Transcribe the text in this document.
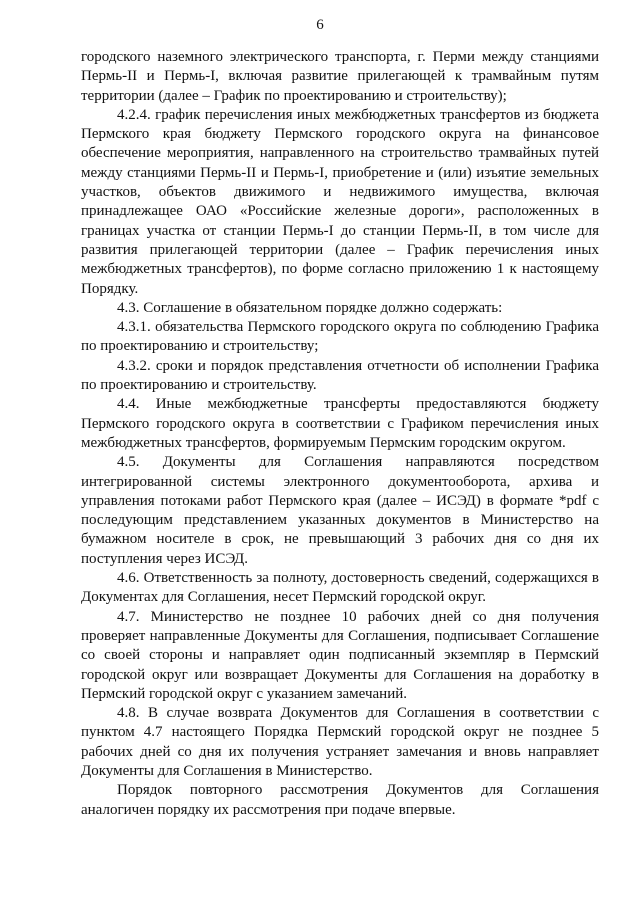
6

городского наземного электрического транспорта, г. Перми между станциями Пермь-II и Пермь-I, включая развитие прилегающей к трамвайным путям территории (далее – График по проектированию и строительству);

4.2.4. график перечисления иных межбюджетных трансфертов из бюджета Пермского края бюджету Пермского городского округа на финансовое обеспечение мероприятия, направленного на строительство трамвайных путей между станциями Пермь-II и Пермь-I, приобретение и (или) изъятие земельных участков, объектов движимого и недвижимого имущества, включая принадлежащее ОАО «Российские железные дороги», расположенных в границах участка от станции Пермь-I до станции Пермь-II, в том числе для развития прилегающей территории (далее – График перечисления иных межбюджетных трансфертов), по форме согласно приложению 1 к настоящему Порядку.

4.3. Соглашение в обязательном порядке должно содержать:

4.3.1. обязательства Пермского городского округа по соблюдению Графика по проектированию и строительству;

4.3.2. сроки и порядок представления отчетности об исполнении Графика по проектированию и строительству.

4.4. Иные межбюджетные трансферты предоставляются бюджету Пермского городского округа в соответствии с Графиком перечисления иных межбюджетных трансфертов, формируемым Пермским городским округом.

4.5. Документы для Соглашения направляются посредством интегрированной системы электронного документооборота, архива и управления потоками работ Пермского края (далее – ИСЭД) в формате *pdf с последующим представлением указанных документов в Министерство на бумажном носителе в срок, не превышающий 3 рабочих дня со дня их поступления через ИСЭД.

4.6. Ответственность за полноту, достоверность сведений, содержащихся в Документах для Соглашения, несет Пермский городской округ.

4.7. Министерство не позднее 10 рабочих дней со дня получения проверяет направленные Документы для Соглашения, подписывает Соглашение со своей стороны и направляет один подписанный экземпляр в Пермский городской округ или возвращает Документы для Соглашения на доработку в Пермский городской округ с указанием замечаний.

4.8. В случае возврата Документов для Соглашения в соответствии с пунктом 4.7 настоящего Порядка Пермский городской округ не позднее 5 рабочих дней со дня их получения устраняет замечания и вновь направляет Документы для Соглашения в Министерство.

Порядок повторного рассмотрения Документов для Соглашения аналогичен порядку их рассмотрения при подаче впервые.
